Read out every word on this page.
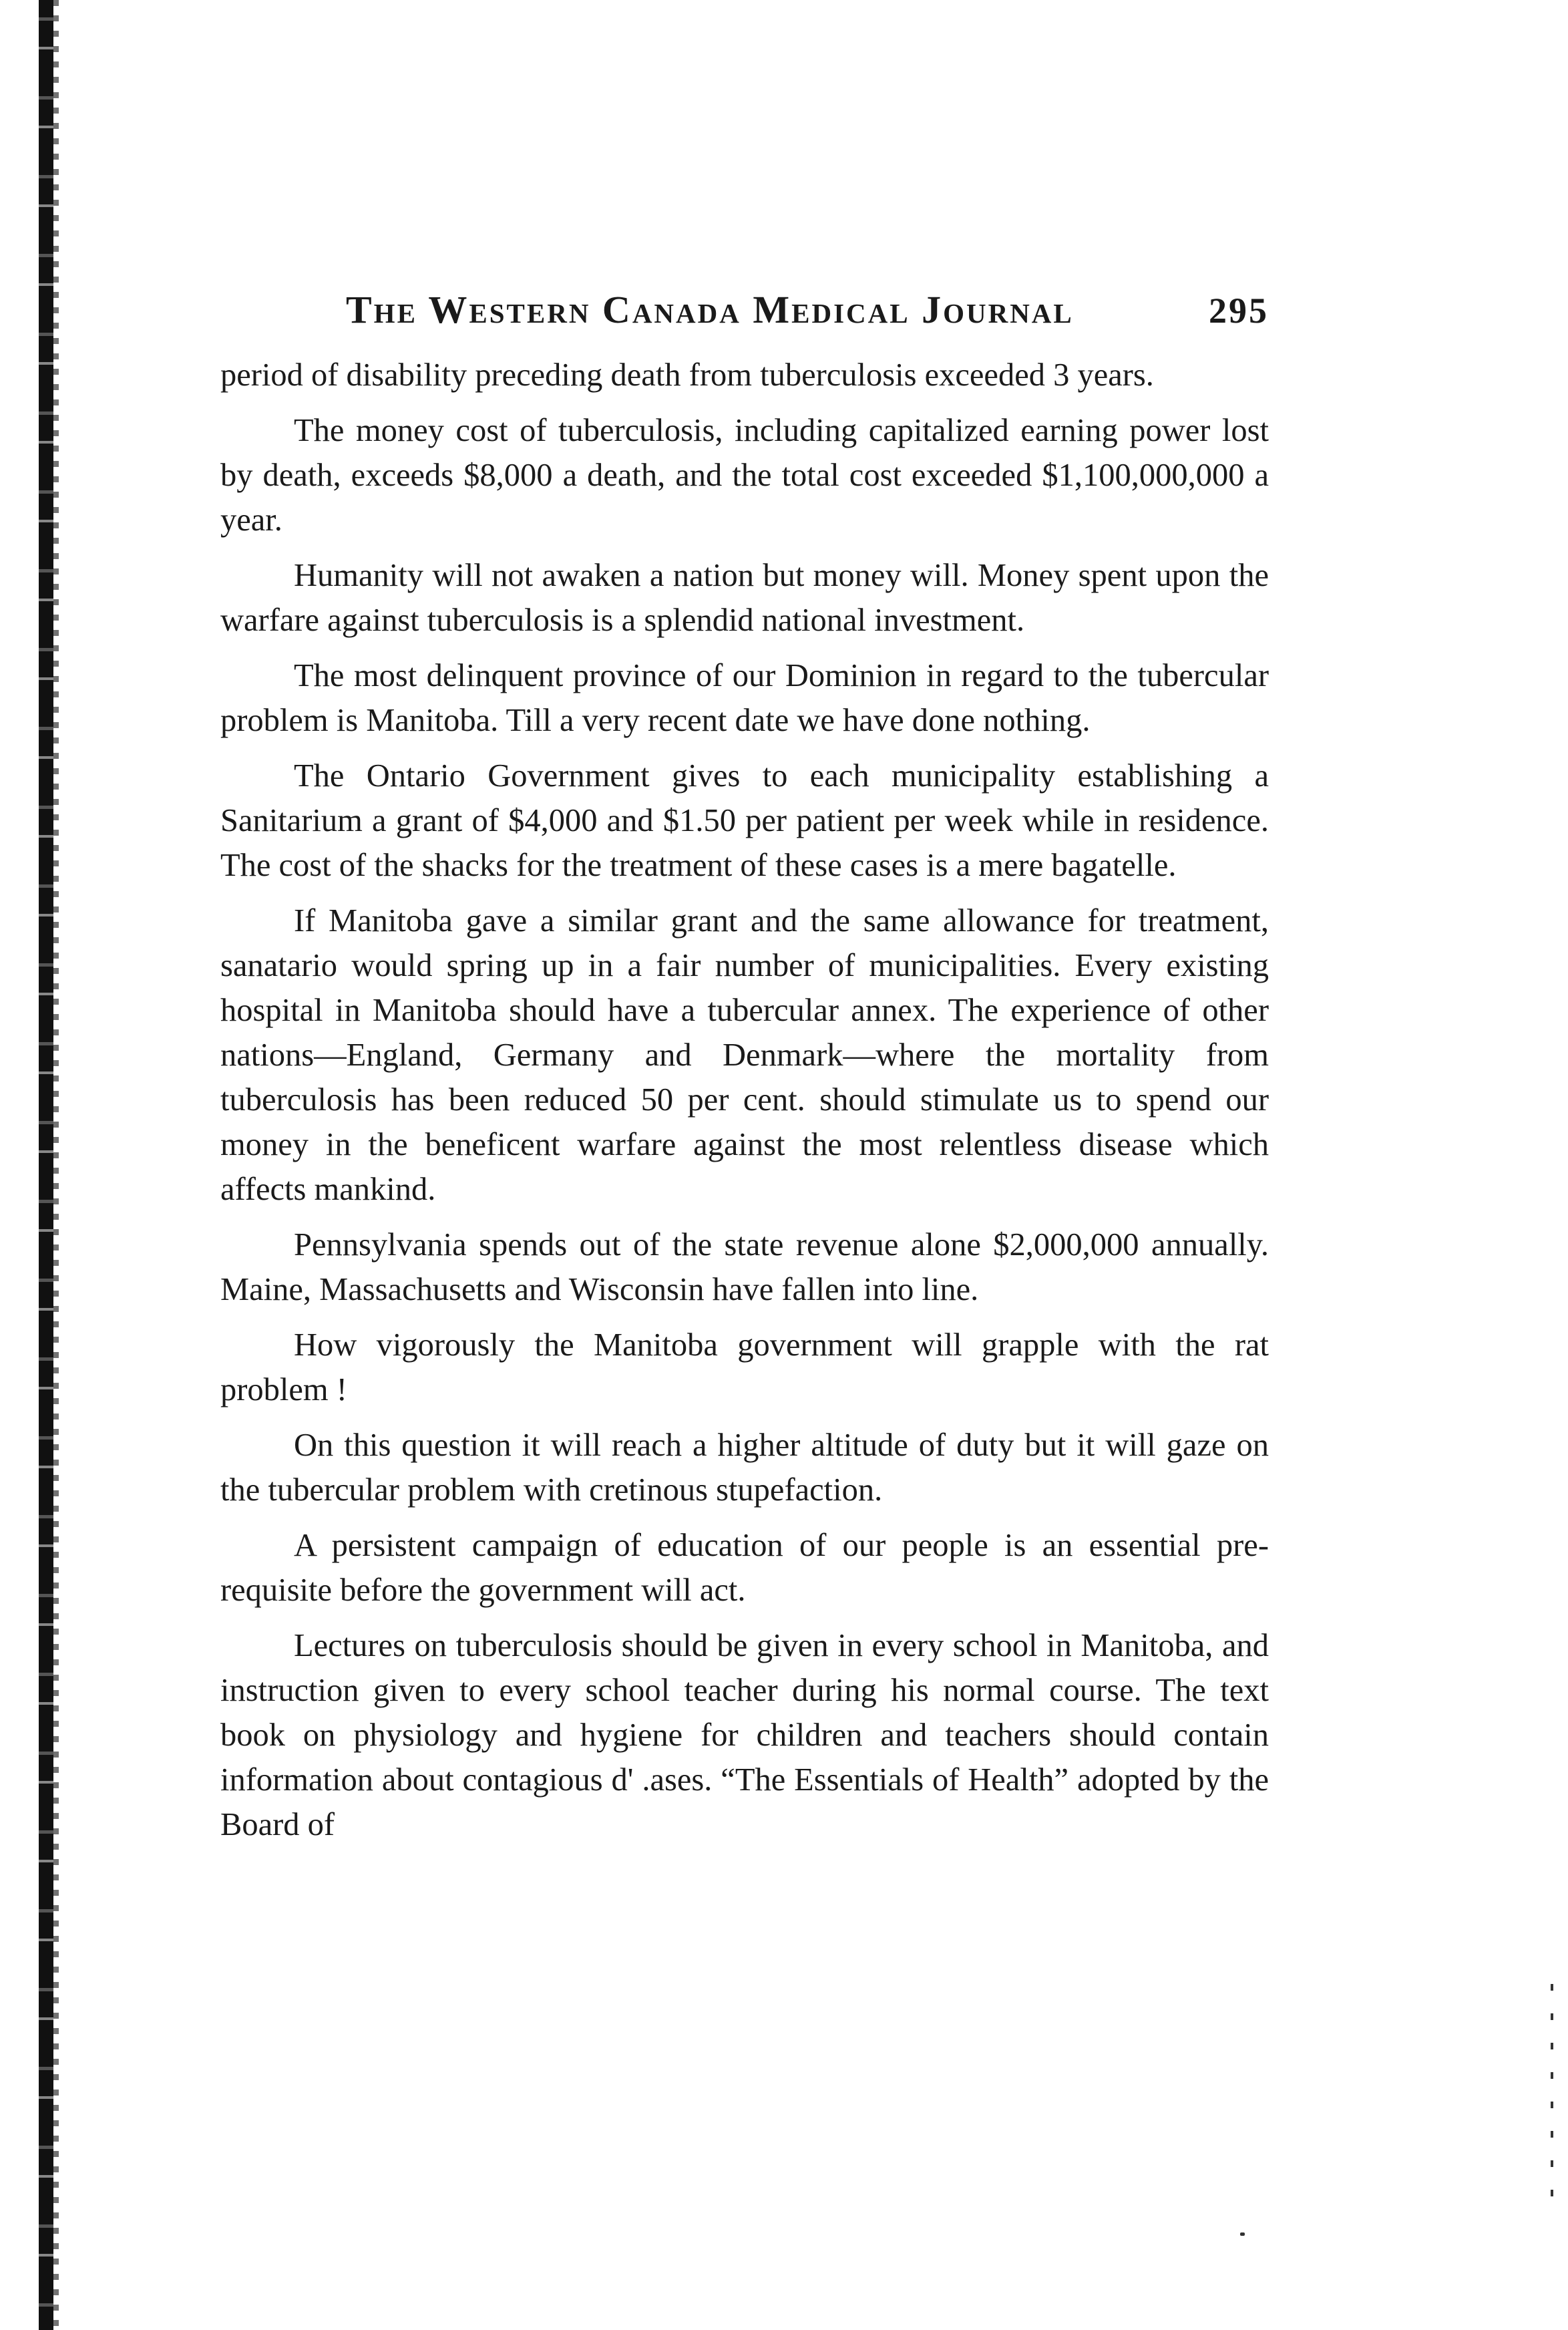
The Western Canada Medical Journal	295

period of disability preceding death from tuberculosis exceeded 3 years.

The money cost of tuberculosis, including capitalized earning power lost by death, exceeds $8,000 a death, and the total cost exceeded $1,100,000,000 a year.

Humanity will not awaken a nation but money will. Money spent upon the warfare against tuberculosis is a splendid national investment.

The most delinquent province of our Dominion in regard to the tubercular problem is Manitoba. Till a very recent date we have done nothing.

The Ontario Government gives to each municipality establishing a Sanitarium a grant of $4,000 and $1.50 per patient per week while in residence. The cost of the shacks for the treatment of these cases is a mere bagatelle.

If Manitoba gave a similar grant and the same allowance for treatment, sanatario would spring up in a fair number of municipalities. Every existing hospital in Manitoba should have a tubercular annex. The experience of other nations—England, Germany and Denmark—where the mortality from tuberculosis has been reduced 50 per cent. should stimulate us to spend our money in the beneficent warfare against the most relentless disease which affects mankind.

Pennsylvania spends out of the state revenue alone $2,000,000 annually. Maine, Massachusetts and Wisconsin have fallen into line.

How vigorously the Manitoba government will grapple with the rat problem !

On this question it will reach a higher altitude of duty but it will gaze on the tubercular problem with cretinous stupefaction.

A persistent campaign of education of our people is an essential pre-requisite before the government will act.

Lectures on tuberculosis should be given in every school in Manitoba, and instruction given to every school teacher during his normal course. The text book on physiology and hygiene for children and teachers should contain information about contagious d' .ases. “The Essentials of Health” adopted by the Board of
